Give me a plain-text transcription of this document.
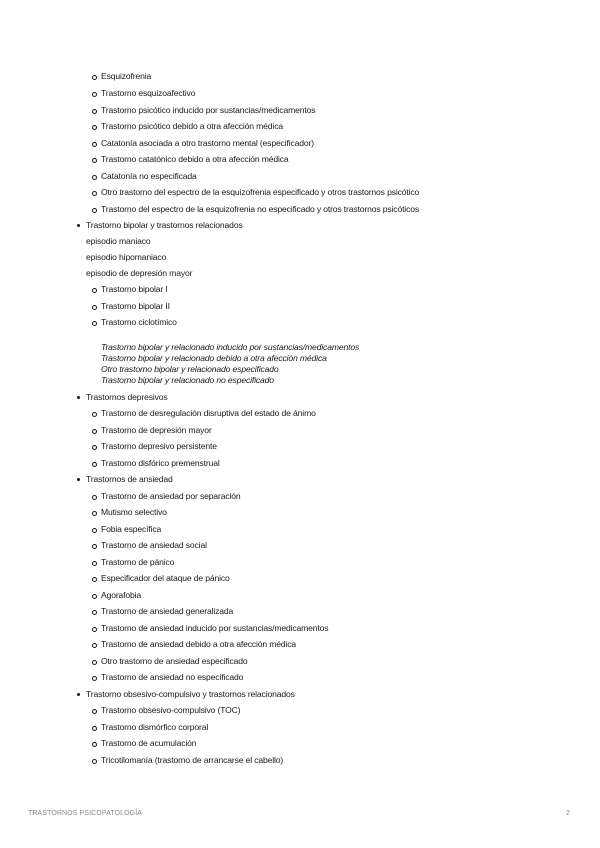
Esquizofrenia
Trastorno esquizoafectivo
Trastorno psicótico inducido por sustancias/medicamentos
Trastorno psicótico debido a otra afección médica
Catatonía asociada a otro trastorno mental (especificador)
Trastorno catatónico debido a otra afección médica
Catatonía no especificada
Otro trastorno del espectro de la esquizofrenia especificado y otros trastornos psicótico
Trastorno del espectro de la esquizofrenia no especificado y otros trastornos psicóticos
Trastorno bipolar y trastornos relacionados
episodio maniaco
episodio hipomaniaco
episodio de depresión mayor
Trastorno bipolar I
Trastorno bipolar II
Trastorno ciclotímico
Trastorno bipolar y relacionado inducido por sustancias/medicamentos
Trastorno bipolar y relacionado debido a otra afección médica
Otro trastorno bipolar y relacionado especificado
Trastorno bipolar y relacionado no especificado
Trastornos depresivos
Trastorno de desregulación disruptiva del estado de ánimo
Trastorno de depresión mayor
Trastorno depresivo persistente
Trastorno disfórico premenstrual
Trastornos de ansiedad
Trastorno de ansiedad por separación
Mutismo selectivo
Fobia específica
Trastorno de ansiedad social
Trastorno de pánico
Especificador del ataque de pánico
Agorafobia
Trastorno de ansiedad generalizada
Trastorno de ansiedad inducido por sustancias/medicamentos
Trastorno de ansiedad debido a otra afección médica
Otro trastorno de ansiedad especificado
Trastorno de ansiedad no especificado
Trastorno obsesivo-compulsivo y trastornos relacionados
Trastorno obsesivo-compulsivo (TOC)
Trastorno dismórfico corporal
Trastorno de acumulación
Tricotilomanía (trastorno de arrancarse el cabello)
TRASTORNOS PSICOPATOLOGÍA	2
